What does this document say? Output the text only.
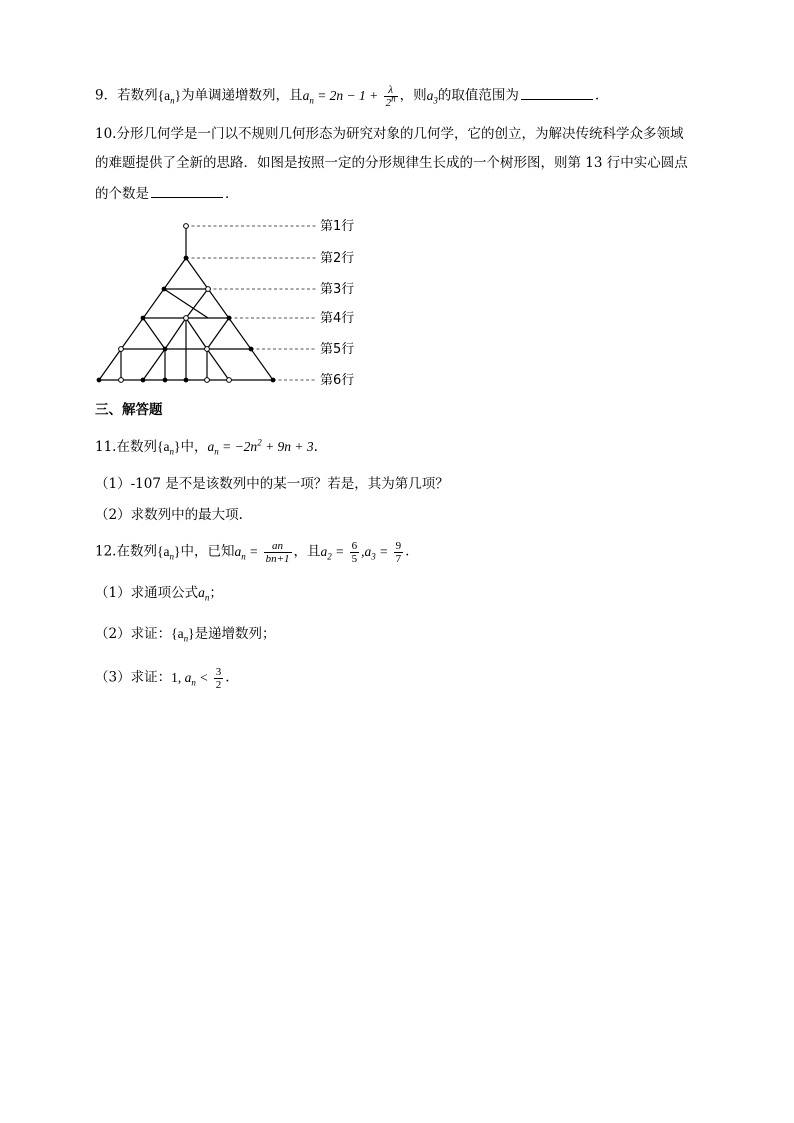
9．若数列$\{a_n\}$为单调递增数列，且$a_n = 2n - 1 + \frac{\lambda}{2^n}$ ，则$a_3$的取值范围为	.
10.分形几何学是一门以不规则几何形态为研究对象的几何学，它的创立，为解决传统科学众多领域
的难题提供了全新的思路．如图是按照一定的分形规律生长成的一个树形图，则第 13 行中实心圆点
的个数是	．
第1行
第2行
第3行
第4行
第5行
第6行
三、解答题
11.在数列$\{a_n\}$中，$a_n = -2n^2 + 9n + 3$.
（1）-107 是不是该数列中的某一项？若是，其为第几项？
（2）求数列中的最大项.
12.在数列$\{a_n\}$中，已知$a_n = \frac{an}{bn+1}$ ，且$a_2 = \frac{6}{5} ,a_3 = \frac{9}{7}$ .
（1）求通项公式$a_n$；
（2）求证：$\{a_n\}$是递增数列；
（3）求证：1, $a_n < \frac{3}{2}$ .
